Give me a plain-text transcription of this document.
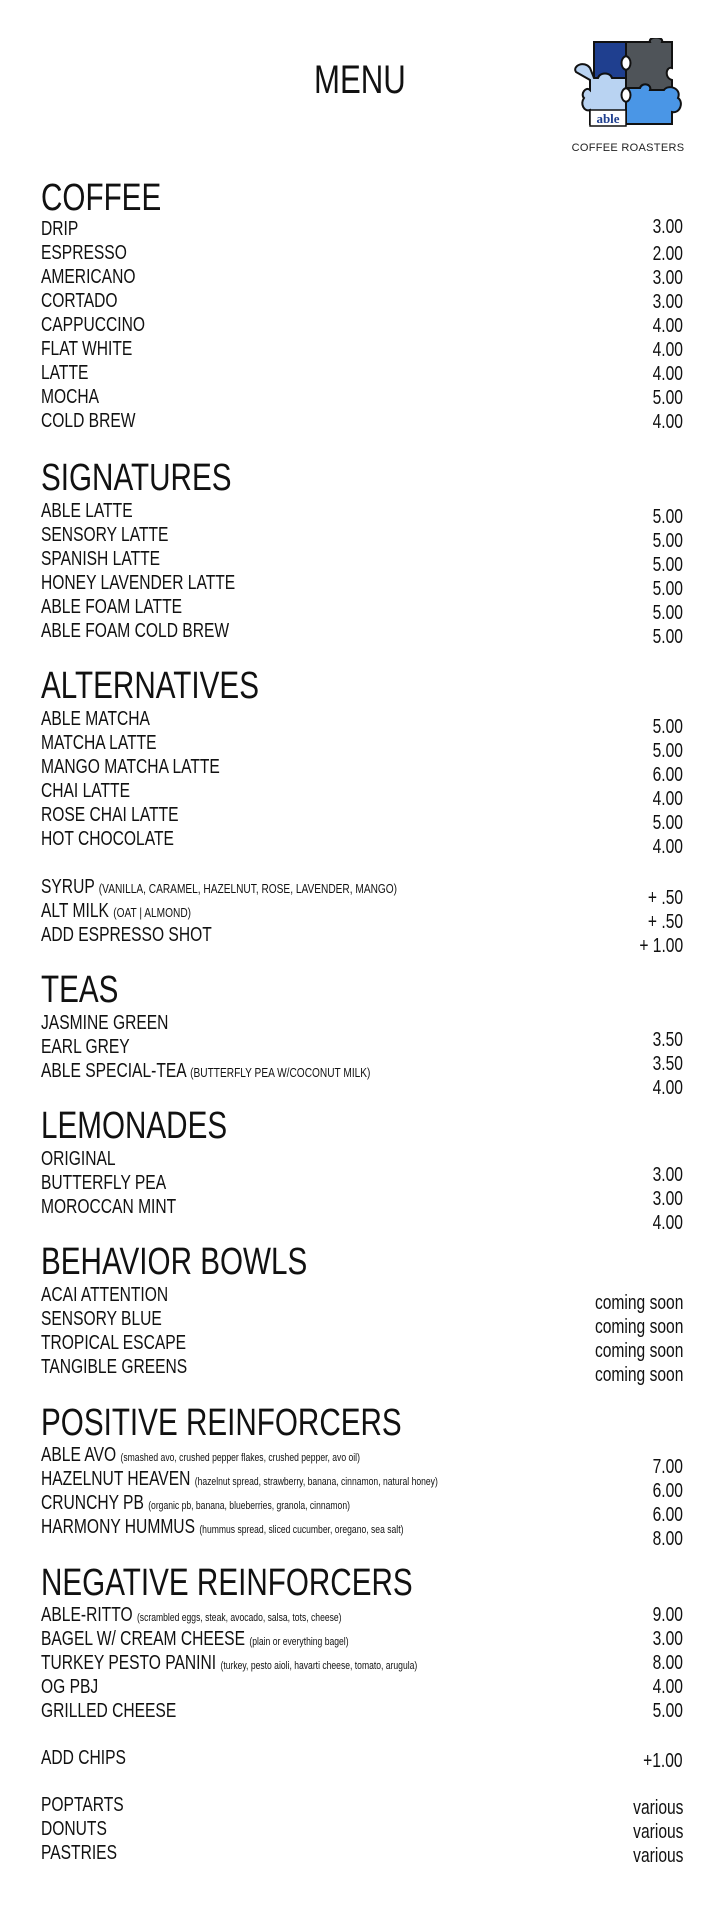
MENU
able
COFFEE ROASTERS
COFFEE
DRIP	3.00
ESPRESSO	2.00
AMERICANO	3.00
CORTADO	3.00
CAPPUCCINO	4.00
FLAT WHITE	4.00
LATTE	4.00
MOCHA	5.00
COLD BREW	4.00
SIGNATURES
ABLE LATTE	5.00
SENSORY LATTE	5.00
SPANISH LATTE	5.00
HONEY LAVENDER LATTE	5.00
ABLE FOAM LATTE	5.00
ABLE FOAM COLD BREW	5.00
ALTERNATIVES
ABLE MATCHA	5.00
MATCHA LATTE	5.00
MANGO MATCHA LATTE	6.00
CHAI LATTE	4.00
ROSE CHAI LATTE	5.00
HOT CHOCOLATE	4.00
SYRUP (VANILLA, CARAMEL, HAZELNUT, ROSE, LAVENDER, MANGO)	+ .50
ALT MILK (OAT | ALMOND)	+ .50
ADD ESPRESSO SHOT	+ 1.00
TEAS
JASMINE GREEN
3.50
EARL GREY
3.50
ABLE SPECIAL-TEA (BUTTERFLY PEA W/COCONUT MILK)
4.00
LEMONADES
ORIGINAL
3.00
BUTTERFLY PEA
3.00
MOROCCAN MINT
4.00
BEHAVIOR BOWLS
ACAI ATTENTION	coming soon
SENSORY BLUE	coming soon
TROPICAL ESCAPE	coming soon
TANGIBLE GREENS	coming soon
POSITIVE REINFORCERS
ABLE AVO (smashed avo, crushed pepper flakes, crushed pepper, avo oil)	7.00
HAZELNUT HEAVEN (hazelnut spread, strawberry, banana, cinnamon, natural honey)	6.00
CRUNCHY PB (organic pb, banana, blueberries, granola, cinnamon)	6.00
HARMONY HUMMUS (hummus spread, sliced cucumber, oregano, sea salt)	8.00
NEGATIVE REINFORCERS
ABLE-RITTO (scrambled eggs, steak, avocado, salsa, tots, cheese)	9.00
BAGEL W/ CREAM CHEESE (plain or everything bagel)	3.00
TURKEY PESTO PANINI (turkey, pesto aioli, havarti cheese, tomato, arugula)	8.00
OG PBJ	4.00
GRILLED CHEESE	5.00
ADD CHIPS	+1.00
POPTARTS	various
DONUTS	various
PASTRIES	various
